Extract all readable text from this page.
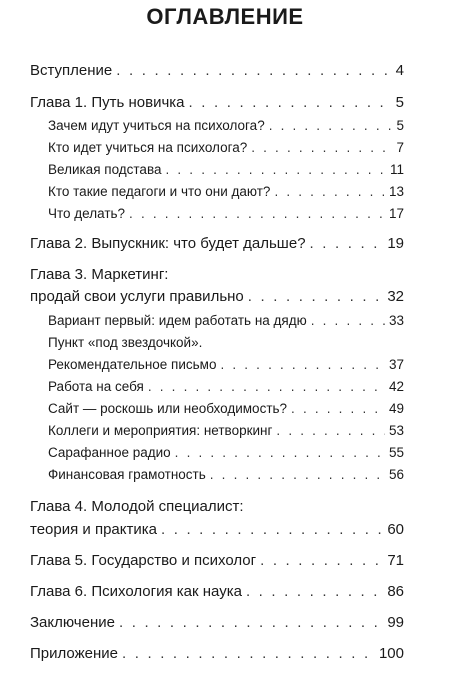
ОГЛАВЛЕНИЕ
Вступление . . .	4
Глава 1. Путь новичка . . .	5
Зачем идут учиться на психолога? . . .	5
Кто идет учиться на психолога? . . .	7
Великая подстава . . .	11
Кто такие педагоги и что они дают? . . .	13
Что делать? . . .	17
Глава 2. Выпускник: что будет дальше? . . .	19
Глава 3. Маркетинг:
продай свои услуги правильно . . .	32
Вариант первый: идем работать на дядю . . .	33
Пункт «под звездочкой».
Рекомендательное письмо . . .	37
Работа на себя . . .	42
Сайт — роскошь или необходимость? . . .	49
Коллеги и мероприятия: нетворкинг . . .	53
Сарафанное радио . . .	55
Финансовая грамотность . . .	56
Глава 4. Молодой специалист:
теория и практика . . .	60
Глава 5. Государство и психолог . . .	71
Глава 6. Психология как наука . . .	86
Заключение . . .	99
Приложение . . .	100
